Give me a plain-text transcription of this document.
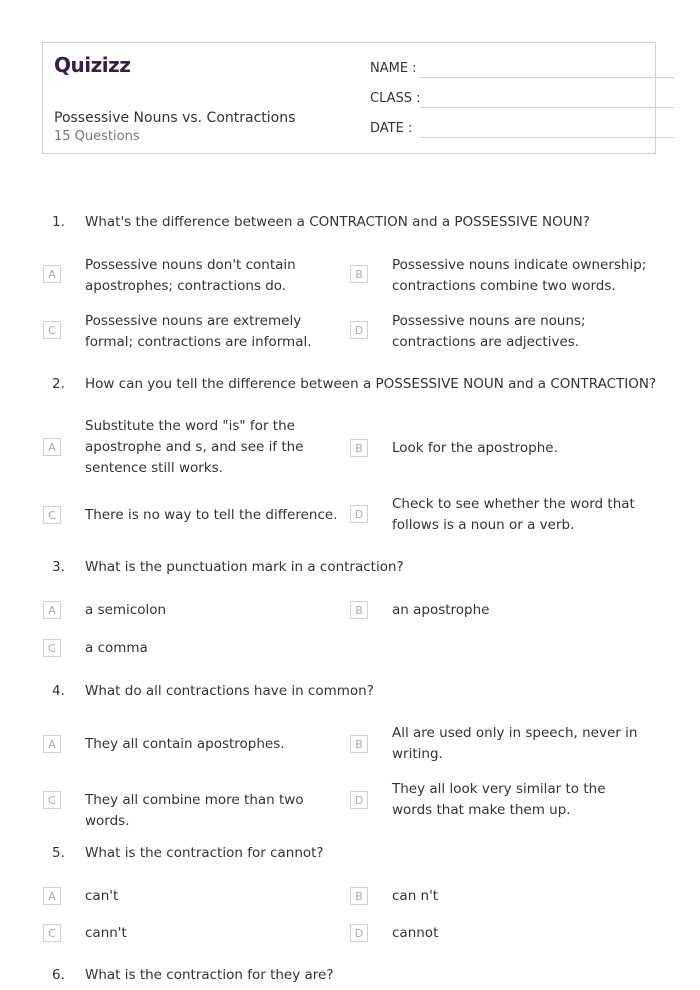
Quizizz
Possessive Nouns vs. Contractions
15 Questions
NAME :
CLASS :
DATE :
1.	What's the difference between a CONTRACTION and a POSSESSIVE NOUN?
A
Possessive nouns don't contain apostrophes; contractions do.
B
Possessive nouns indicate ownership; contractions combine two words.
C
Possessive nouns are extremely formal; contractions are informal.
D
Possessive nouns are nouns; contractions are adjectives.
2.	How can you tell the difference between a POSSESSIVE NOUN and a CONTRACTION?
A
Substitute the word "is" for the apostrophe and s, and see if the sentence still works.
B	Look for the apostrophe.
C	There is no way to tell the difference.	D
Check to see whether the word that follows is a noun or a verb.
3.	What is the punctuation mark in a contraction?
A	a semicolon	B	an apostrophe
C	a comma
4.	What do all contractions have in common?
A	They all contain apostrophes.	B
All are used only in speech, never in writing.
C	They all combine more than two words.
D
They all look very similar to the words that make them up.
5.	What is the contraction for cannot?
A	can't	B	can n't
C	cann't	D	cannot
6.	What is the contraction for they are?
